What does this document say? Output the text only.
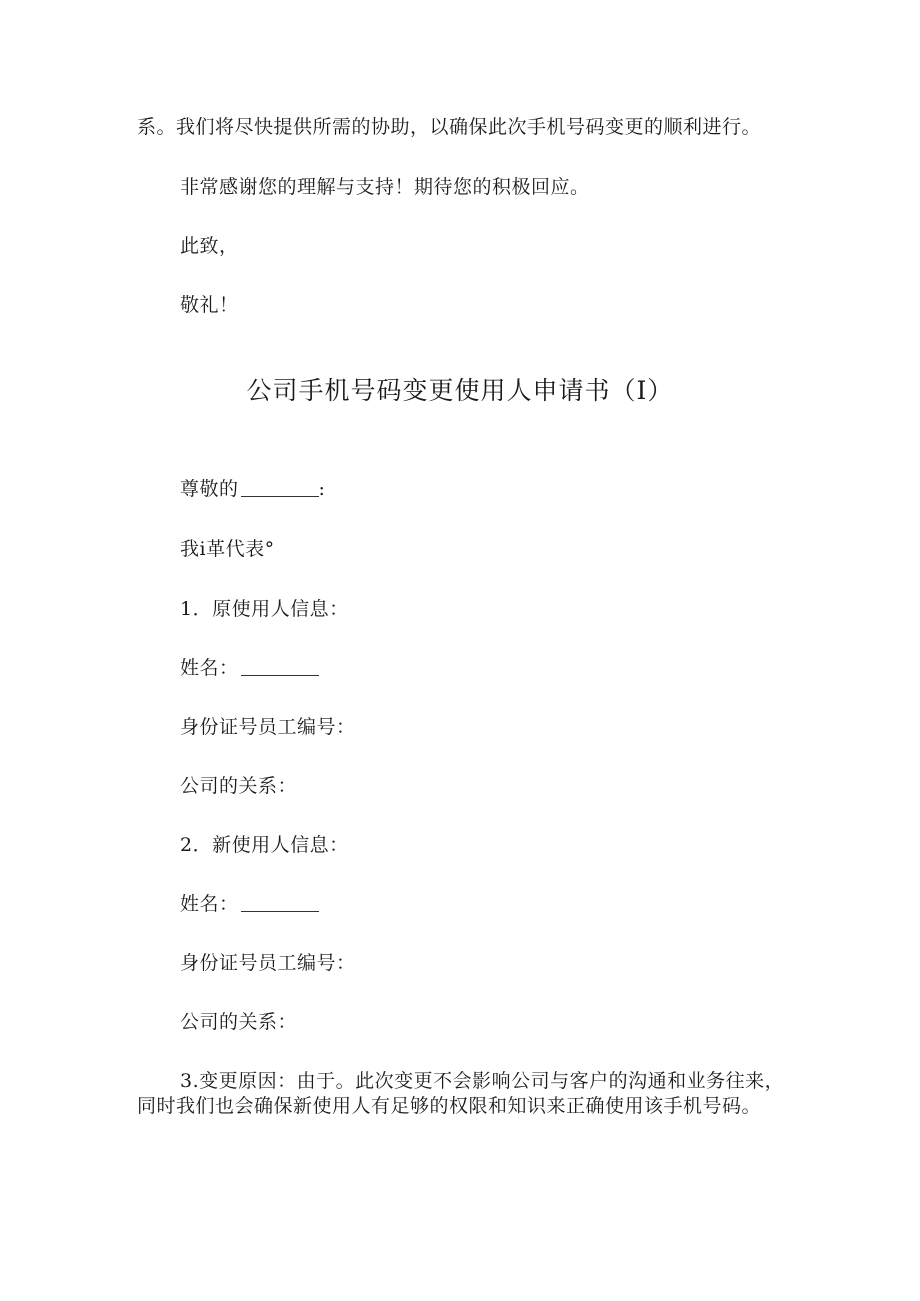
系。我们将尽快提供所需的协助，以确保此次手机号码变更的顺利进行。
非常感谢您的理解与支持！期待您的积极回应。
此致，
敬礼！
公司手机号码变更使用人申请书（I）
尊敬的	:
我i革代表°
1．原使用人信息：
姓名：
身份证号员工编号：
公司的关系：
2．新使用人信息：
姓名：
身份证号员工编号：
公司的关系：

3.变更原因：由于。此次变更不会影响公司与客户的沟通和业务往来，同时我们也会确保新使用人有足够的权限和知识来正确使用该手机号码。
